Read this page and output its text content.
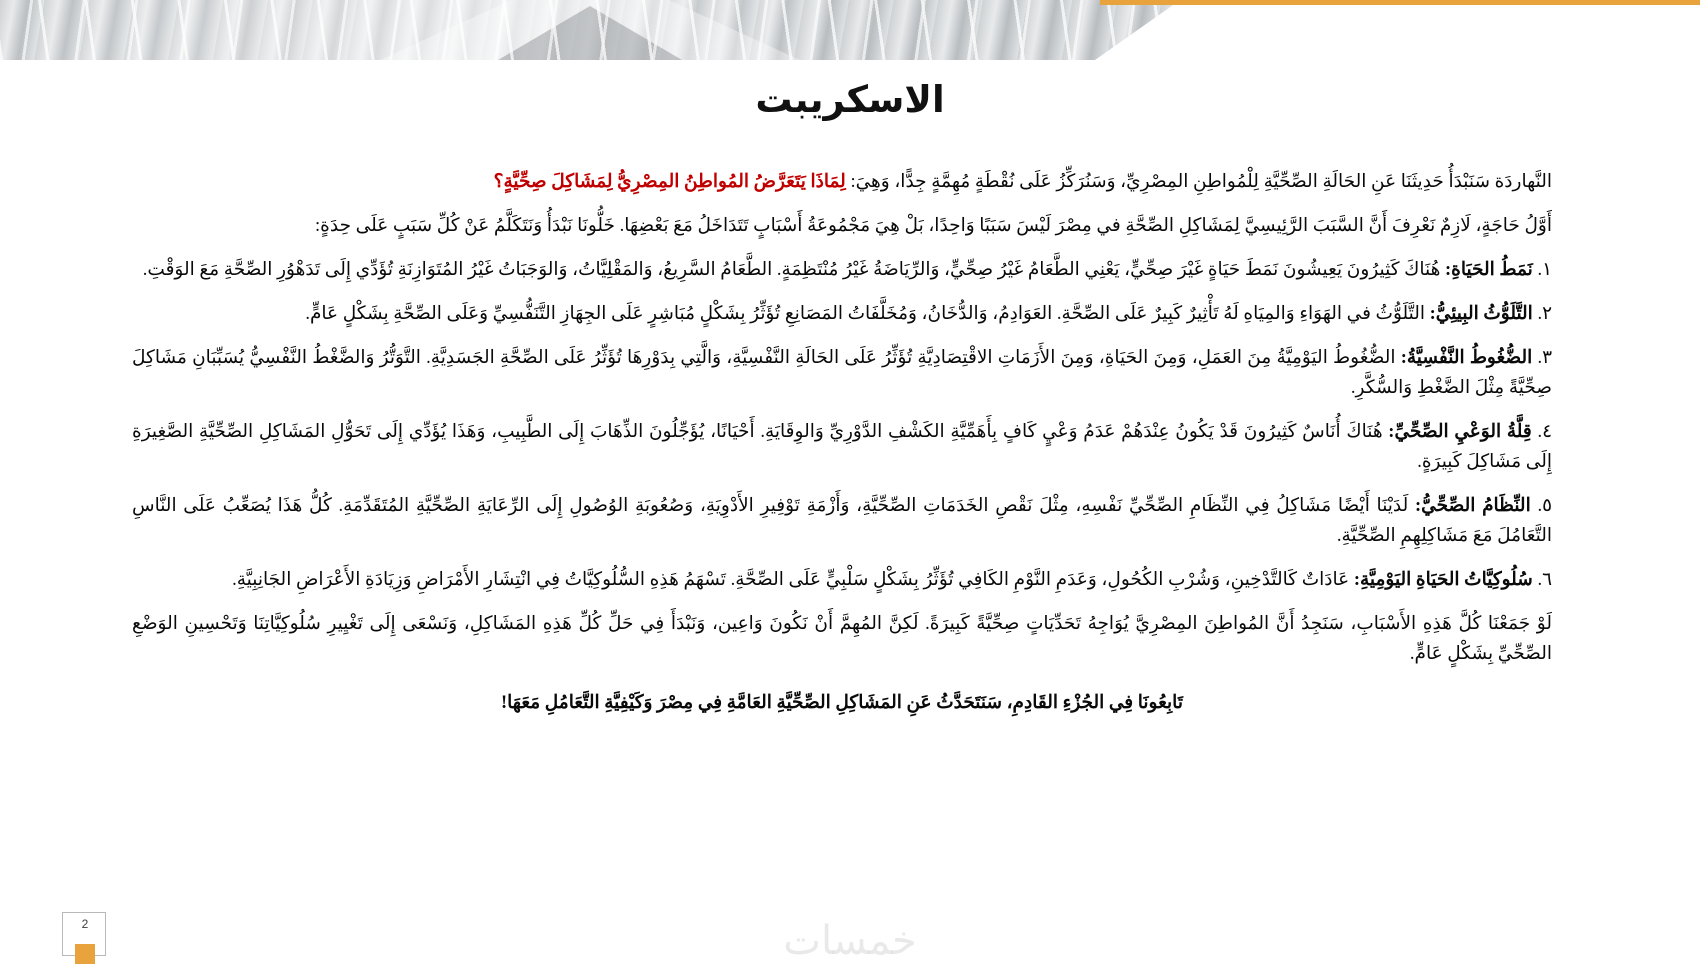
الاسكريبت

النَّهاردَة سَنَبْدَأُ حَدِيثَنَا عَنِ الحَالَةِ الصِّحِّيَّةِ لِلْمُواطِنِ المِصْرِيِّ، وَسَنُرَكِّزُ عَلَى نُقْطَةٍ مُهِمَّةٍ جِدًّا، وَهِيَ: لِمَاذَا يَتَعَرَّضُ المُواطِنُ المِصْرِيُّ لِمَشَاكِلَ صِحِّيَّةٍ؟

أَوَّلُ حَاجَةٍ، لَازِمٌ نَعْرِفَ أَنَّ السَّبَبَ الرَّئِيسِيَّ لِمَشَاكِلِ الصِّحَّةِ في مِصْرَ لَيْسَ سَبَبًا وَاحِدًا، بَلْ هِيَ مَجْمُوعَةُ أَسْبَابٍ تَتَدَاخَلُ مَعَ بَعْضِهَا. خَلُّونَا نَبْدَأُ وَنَتَكَلَّمُ عَنْ كُلِّ سَبَبٍ عَلَى حِدَةٍ:

١. نَمَطُ الحَيَاةِ: هُنَاكَ كَثِيرُونَ يَعِيشُونَ نَمَطَ حَيَاةٍ غَيْرَ صِحِّيٍّ، يَعْنِي الطَّعَامُ غَيْرُ صِحِّيٍّ، وَالرِّيَاضَةُ غَيْرُ مُنْتَظِمَةٍ. الطَّعَامُ السَّرِيعُ، وَالمَقْلِيَّاتُ، وَالوَجَبَاتُ غَيْرُ المُتَوَازِنَةِ تُؤَدِّي إِلَى تَدَهْوُرِ الصِّحَّةِ مَعَ الوَقْتِ.

٢. التَّلَوُّثُ البِيئِيُّ: التَّلَوُّثُ في الهَوَاءِ وَالمِيَاهِ لَهُ تَأْثِيرٌ كَبِيرٌ عَلَى الصِّحَّةِ. العَوَادِمُ، وَالدُّخَانُ، وَمُخَلَّفَاتُ المَصَانِعِ تُؤَثِّرُ بِشَكْلٍ مُبَاشِرٍ عَلَى الجِهَازِ التَّنَفُّسِيِّ وَعَلَى الصِّحَّةِ بِشَكْلٍ عَامٍّ.

٣. الضُّغُوطُ النَّفْسِيَّةُ: الضُّغُوطُ اليَوْمِيَّةُ مِنَ العَمَلِ، وَمِنَ الحَيَاةِ، وَمِنَ الأَزَمَاتِ الاقْتِصَادِيَّةِ تُؤَثِّرُ عَلَى الحَالَةِ النَّفْسِيَّةِ، وَالَّتِي بِدَوْرِهَا تُؤَثِّرُ عَلَى الصِّحَّةِ الجَسَدِيَّةِ. التَّوَتُّرُ وَالضَّغْطُ النَّفْسِيُّ يُسَبِّبَانِ مَشَاكِلَ صِحِّيَّةً مِثْلَ الضَّغْطِ وَالسُّكَّرِ.

٤. قِلَّةُ الوَعْيِ الصِّحِّيِّ: هُنَاكَ أُنَاسٌ كَثِيرُونَ قَدْ يَكُونُ عِنْدَهُمْ عَدَمُ وَعْيٍ كَافٍ بِأَهَمِّيَّةِ الكَشْفِ الدَّوْرِيِّ وَالوِقَايَةِ. أَحْيَانًا، يُؤَجِّلُونَ الذِّهَابَ إِلَى الطَّبِيبِ، وَهَذَا يُؤَدِّي إِلَى تَحَوُّلِ المَشَاكِلِ الصِّحِّيَّةِ الصَّغِيرَةِ إِلَى مَشَاكِلَ كَبِيرَةٍ.

٥. النِّظَامُ الصِّحِّيُّ: لَدَيْنَا أَيْضًا مَشَاكِلُ فِي النِّظَامِ الصِّحِّيِّ نَفْسِهِ، مِثْلَ نَقْصِ الخَدَمَاتِ الصِّحِّيَّةِ، وَأَزْمَةِ تَوْفِيرِ الأَدْوِيَةِ، وَصُعُوبَةِ الوُصُولِ إِلَى الرِّعَايَةِ الصِّحِّيَّةِ المُتَقَدِّمَةِ. كُلُّ هَذَا يُصَعِّبُ عَلَى النَّاسِ التَّعَامُلَ مَعَ مَشَاكِلِهِمِ الصِّحِّيَّةِ.

٦. سُلُوكِيَّاتُ الحَيَاةِ اليَوْمِيَّةِ: عَادَاتٌ كَالتَّدْخِينِ، وَشُرْبِ الكُحُولِ، وَعَدَمِ النَّوْمِ الكَافِي تُؤَثِّرُ بِشَكْلٍ سَلْبِيٍّ عَلَى الصِّحَّةِ. تَسْهَمُ هَذِهِ السُّلُوكِيَّاتُ فِي انْتِشَارِ الأَمْرَاضِ وَزِيَادَةِ الأَعْرَاضِ الجَانِبِيَّةِ.

لَوْ جَمَعْنَا كُلَّ هَذِهِ الأَسْبَابِ، سَنَجِدُ أَنَّ المُواطِنَ المِصْرِيَّ يُوَاجِهُ تَحَدِّيَاتٍ صِحِّيَّةً كَبِيرَةً. لَكِنَّ المُهِمَّ أَنْ نَكُونَ وَاعِين، وَنَبْدَأَ فِي حَلِّ كُلِّ هَذِهِ المَشَاكِلِ، وَنَسْعَى إِلَى تَغْيِيرِ سُلُوكِيَّاتِنَا وَتَحْسِينِ الوَضْعِ الصِّحِّيِّ بِشَكْلٍ عَامٍّ.

تَابِعُونَا فِي الجُزْءِ القَادِمِ، سَنَتَحَدَّثُ عَنِ المَشَاكِلِ الصِّحِّيَّةِ العَامَّةِ فِي مِصْرَ وَكَيْفِيَّةِ التَّعَامُلِ مَعَهَا!

2	خمسات
